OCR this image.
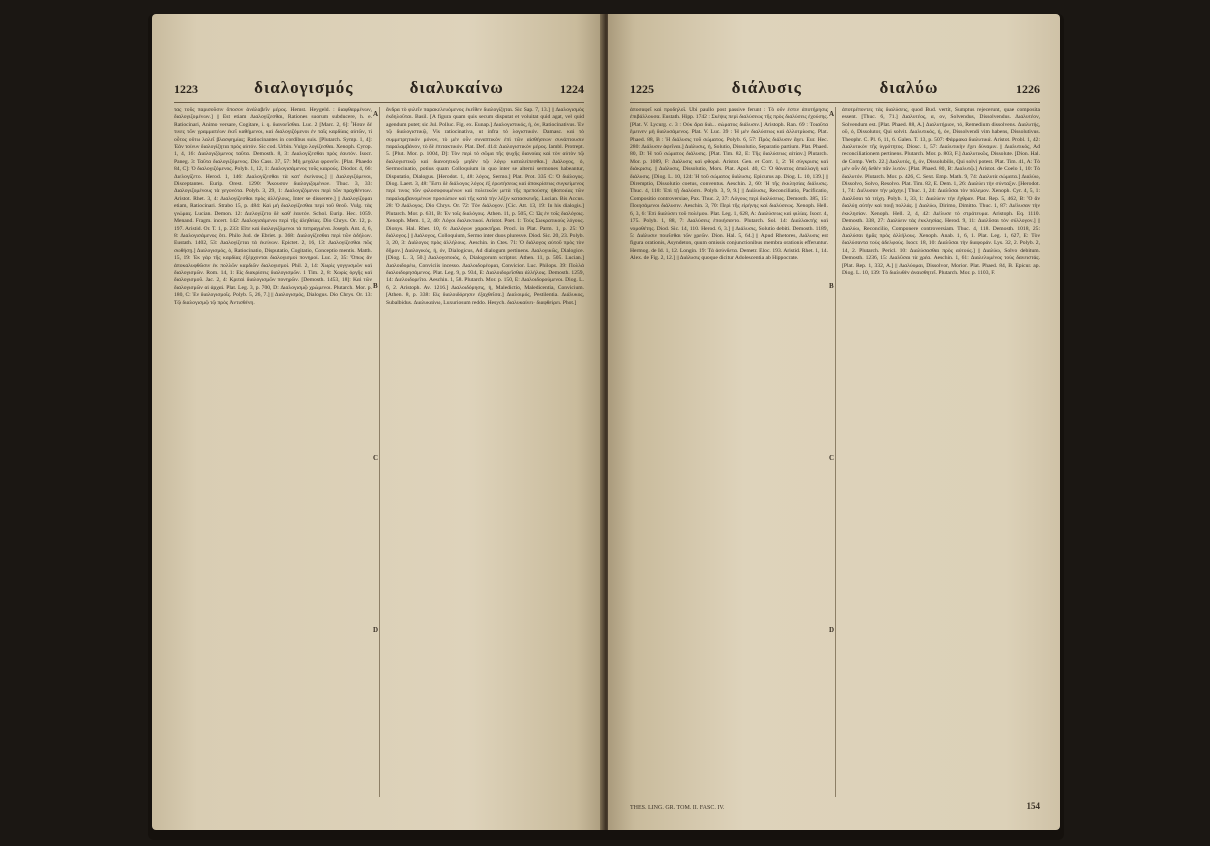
1223	διαλογισμός	διαλυκαίνω	1224
τας τοῦς παρισοῦσιν ὅποσον ἀνάλαβεῖν μέρος. Hemst. Heygeld. : διαφθαρμένων, διαλογιζομένων.] || Est etiam Διαλογίζεσθαι, Rationes suorum subducere, h. e. Ratiocinari, Animo versare, Cogitare, i. q. διανοεῖσθαι. Luc. 2 [Marc. 2, 6]: Ἦσαν δέ τινες τῶν γραμματέων ἐκεῖ καθήμενοι, καὶ διαλογιζόμενοι ἐν ταῖς καρδίαις αὐτῶν, τί οὗτος οὕτω λαλεῖ βλασφημίας; Ratiocinantes in cordibus suis. [Plutarch. Symp. 1, 4]: Ἐὰν τοίνυν διαλογίζηται πρὸς αὑτόν. Sic cod. Urbin. Vulgo λογίζεσθαι. Xenoph. Cyrop. 1, 4, 16: Διαλογιζόμενος ταῦτα. Demosth. 8, 3: Διαλογίζεσθαι πρὸς ἑαυτόν. Isocr. Paneg. 3: Ταῦτα διαλογιζόμενος. Dio Cass. 37, 57: Μὴ μεγάλα φρονεῖν. [Plat. Phaedo 84, C]: Ὁ διαλογιζόμενος. Polyb. 1, 12, 1: Διαλογισάμενος τοῦς καιρούς. Diodor. 4, 66: Διελογίζετο. Herod. 1, 146: Διαλογίζεσθαι τὰ κατ' ἐκείνους.] || Διαλογιζόμενοι, Disceptantes. Eurip. Orest. 1290: Ἄκουσον διαλογιζομένων. Thuc. 3, 33: Διαλογιζομένους τὰ γεγονότα. Polyb. 3, 29, 1: Διαλογιζόμενοι περὶ τῶν πραχθέντων. Aristot. Rhet. 3, 4: Διαλογίζεσθαι πρὸς ἀλλήλους, Inter se disserere.] || Διαλογίζομαι etiam, Ratiocinari. Strabo 15, p. 484: Καὶ μὴ διαλογίζεσθαι περὶ τοῦ θεοῦ. Vulg. τὰς γνώμας. Lucian. Demon. 12: Διελογίζετο δὲ καθ' ἑαυτόν. Schol. Eurip. Hec. 1059. Menand. Fragm. incert. 142: Διαλογισάμενοι περὶ τῆς ἀληθείας. Dio Chrys. Or. 12, p. 197. Aristid. Or. T. 1, p. 233: Εἴτε καὶ διαλογιζόμενοι τὰ πεπραγμένα. Joseph. Ant. 4, 6, 8: Διαλογισάμενος ὅτι. Philo Jud. de Ebriet. p. 368: Διαλογίζεσθαι περὶ τῶν ἀδήλων. Eustath. 1402, 53: Διαλογίζεται τὰ ἐκείνων. Epictet. 2, 16, 13: Διαλογίζεσθαι πῶς σωθήσῃ.] Διαλογισμός, ὁ, Ratiocinatio, Disputatio, Cogitatio, Conceptio mentis. Matth. 15, 19: Ἐκ γὰρ τῆς καρδίας ἐξέρχονται διαλογισμοὶ πονηροί. Luc. 2, 35: Ὅπως ἂν ἀποκαλυφθῶσιν ἐκ πολλῶν καρδιῶν διαλογισμοί. Phil. 2, 14: Χωρὶς γογγυσμῶν καὶ διαλογισμῶν. Rom. 14, 1: Εἰς διακρίσεις διαλογισμῶν. 1 Tim. 2, 8: Χωρὶς ὀργῆς καὶ διαλογισμοῦ. Jac. 2, 4: Κριταὶ διαλογισμῶν πονηρῶν. [Demosth. 1453, 18]: Καὶ τῶν διαλογισμῶν αἱ ἀρχαί. Plat. Leg. 3, p. 700, D: Διαλογισμῷ χρώμενοι. Plutarch. Mor. p. 180, C: Ἐν διαλογισμοῖς. Polyb. 5, 26, 7.] || Διαλογισμός, Dialogus. Dio Chrys. Or. 13: Τῷ διαλογισμῷ τῷ πρὸς Ἀντισθένη.
ἄνδρα τὸ φιλεῖν παρακελευόμενος ἐκεῖθεν διαλογίζηται. Sic Sap. 7, 13.] || Διαλογισμὸς ἐκδηλοῦται. Basil. [A figura quam quis secum disputat et voluitat quid agat, vel quid agendum putet; sic Jul. Polluc. Fig. ex. Eunap.] Διαλογιστικός, ή, όν, Ratiocinativus. Ἐν τῷ διαλογιστικῷ, Vis ratiocinativa, ut infra τὸ λογιστικόν. Damasc. καὶ τὸ συμμετρητικόν μόνον, τὸ μὲν οὖν συναπτικὸν ἐπὶ τῶν αἰσθήσεων συνάπτουσιν παραλαμβάνον, τὸ δὲ ἐπιτακτικόν. Plat. Def. 414: Διαλογιστικὸν μέρος. Iambl. Protrept. 5. [Plut. Mor. p. 1004, D]: Τὸν περὶ τὸ σῶμα τῆς ψυχῆς διανοίας καὶ τὸν αὐτὸν τῷ διαλογιστικῷ καὶ διανοητικῷ μηδὲν τῷ λόγῳ καταλείπεσθαι.] Διάλογος, ὁ, Sermocinatio, potius quam Colloquium in quo inter se alterni sermones habeantur, Disputatio, Dialogus. [Herodot. 1, 48: λόγος, Sermo.] Plat. Prot. 335 C: Ὁ διάλογος. Diog. Laert. 3, 48: Ἔστι δὲ διάλογος λόγος ἐξ ἐρωτήσεως καὶ ἀποκρίσεως συγκείμενος περί τινος τῶν φιλοσοφουμένων καὶ πολιτικῶν μετὰ τῆς πρεπούσης ἠθοποιίας τῶν παραλαμβανομένων προσώπων καὶ τῆς κατὰ τὴν λέξιν κατασκευῆς. Lucian. Bis Accus. 28: Ὁ Διάλογος. Dio Chrys. Or. 72: Τὸν διάλογον. [Cic. Att. 13, 19: In his dialogis.] Plutarch. Mor. p. 631, B: Ἐν τοῖς διαλόγοις. Athen. 11, p. 505, C: Ὡς ἐν τοῖς διαλόγοις. Xenoph. Mem. 1, 2, 40: Λόγοι διαλεκτικοί. Aristot. Poet. 1: Τοὺς Σωκρατικοὺς λόγους. Dionys. Hal. Rhet. 10, 6: Διαλόγων χαρακτῆρα. Procl. in Plat. Parm. 1, p. 25: Ὁ διάλογος.] || Διάλογος, Colloquium, Sermo inter duos pluresve. Diod. Sic. 20, 23. Polyb. 3, 20, 3: Διάλογος πρὸς ἀλλήλους. Aeschin. in Ctes. 71: Ὁ διάλογος αὐτοῦ πρὸς τὸν δῆμον.] Διαλογικός, ή, όν, Dialogicus, Ad dialogum pertinens. Διαλογικῶς, Dialogice. [Diog. L. 3, 50.] Διαλογοποιός, ὁ, Dialogorum scriptor. Athen. 11, p. 505. Lucian.] Διαλοιδορέω, Conviciis incesso. Διαλοιδορέομαι, Convicior. Luc. Philops. 39: Πολλὰ διαλοιδορησάμενος. Plat. Leg. 9, p. 934, E: Διαλοιδορεῖσθαι ἀλλήλοις. Demosth. 1259, 14: Διελοιδορεῖτο. Aeschin. 1, 58. Plutarch. Mor. p. 150, E: Διαλοιδορούμενοι. Diog. L. 6, 2. Aristoph. Av. 1216.] Διαλοιδόρησις, ἡ, Maledictio, Maledicentia, Convicium. [Athen. 8, p. 338: Εἰς διαλοιδόρησιν ἐξαχθεῖσα.] Διαλοιμός, Pestilentia. Διάλυκος, Subalbidus. Διαλυκαίνω, Luxuriosum reddo. Hesych. διαλυκαίνει· διαφθείρει. Phot.]
A
B
C
D
1225	διάλυσις	διαλύω	1226
ἀποσαφεῖ καὶ προδηλοῖ. Ubi paullo post passive ferunt : Τὸ οὖν ἐστιν ἀποτήρησις ἐπιβάλλουσα. Eustath. Hipp. 1742 : Σκέψις περὶ διαλύσεως τῆς πρὸς διαλύσεις ἐχούσης. [Plat. V. Lycurg. c. 3 : Οὐκ ἄρα διὰ... σώματος διάλυσιν.] Aristoph. Ran. 69 : Τοιαῦτα ἔμεινεν μὴ διαλυσάμενος. Plat. V. Luc. 39 : Ἡ μὲν διαλύσεως καὶ ἀλλοτρίωσις. Plat. Phaed. 88, B : Ἡ διάλυσις τοῦ σώματος. Polyb. 6, 57: Πρὸς διάλυσιν ἄγει. Eur. Hec. 280: Διάλυσιν ἀφεῖναι.] Διάλυσις, ἡ, Solutio, Dissolutio, Separatio partium. Plat. Phaed. 80, D: Ἡ τοῦ σώματος διάλυσις. [Plat. Tim. 82, E: Τῆς διαλύσεως αἰτίαν.] Plutarch. Mor. p. 1089, F: Διάλυσις καὶ φθορά. Aristot. Gen. et Corr. 1, 2: Ἡ σύγκρισις καὶ διάκρισις. || Διάλυσις, Dissolutio, Mors. Plat. Apol. 40, C: Ὁ θάνατος ἀπαλλαγὴ καὶ διάλυσις. [Diog. L. 10, 124: Ἡ τοῦ σώματος διάλυσις. Epicurus ap. Diog. L. 10, 139.] || Diremptio, Dissolutio coetus, conventus. Aeschin. 2, 60: Ἡ τῆς ἐκκλησίας διάλυσις. Thuc. 4, 118: Ἐπὶ τῇ διαλύσει. Polyb. 3, 9, 9.] || Διάλυσις, Reconciliatio, Pacificatio, Compositio controversiae, Pax. Thuc. 2, 37: Λόγους περὶ διαλύσεως. Demosth. 385, 15: Ποιησάμενοι διάλυσιν. Aeschin. 3, 70: Περὶ τῆς εἰρήνης καὶ διαλύσεως. Xenoph. Hell. 6, 3, 6: Ἐπὶ διαλύσει τοῦ πολέμου. Plat. Leg. 1, 628, A: Διαλύσεως καὶ φιλίας. Isocr. 4, 175. Polyb. 1, 88, 7: Διαλύσεις ἐποιήσαντο. Plutarch. Sol. 14: Διαλλακτὴς καὶ νομοθέτης. Diod. Sic. 14, 110. Herod. 6, 3.] || Διάλυσις, Solutio debiti. Demosth. 1189, 5: Διάλυσιν ποιεῖσθαι τῶν χρεῶν. Dion. Hal. 5, 64.] || Apud Rhetores, Διάλυσις est figura orationis, Asyndeton, quum omissis conjunctionibus membra orationis efferuntur. Hermog. de Id. 1, 12. Longin. 19: Τὰ ἀσύνδετα. Demetr. Eloc. 193. Aristid. Rhet. 1, 14. Alex. de Fig. 2, 12.] || Διάλυσις quoque dicitur Adolescentia ab Hippocrate.
ἀποτρέποντες τὰς διαλύσεις, quod Bud. vertit, Sumptus rejecerunt, quae composita essent. [Thuc. 6, 71.] Διαλυτέος, α, ον, Solvendus, Dissolvendus. Διαλυτέον, Solvendum est. [Plat. Phaed. 88, A.] Διαλυτήριον, τό, Remedium dissolvens. Διαλυτής, οῦ, ὁ, Dissolutor, Qui solvit. Διαλυτικός, ή, όν, Dissolvendi vim habens, Dissolutivus. Theophr. C. Pl. 6, 11, 6. Galen. T. 13, p. 507: Φάρμακα διαλυτικά. Aristot. Probl. 1, 42: Διαλυτικὸν τῆς ὑγρότητος. Diosc. 1, 57: Διαλυτικὴν ἔχει δύναμιν. || Διαλυτικός, Ad reconciliationem pertinens. Plutarch. Mor. p. 803, F.] Διαλυτικῶς, Dissolute. [Dion. Hal. de Comp. Verb. 22.] Διαλυτός, ή, όν, Dissolubilis, Qui solvi potest. Plat. Tim. 41, A: Τὸ μὲν οὖν δὴ δεθὲν πᾶν λυτόν. [Plat. Phaed. 80, B: Διαλυτῷ.] Aristot. de Coelo 1, 10: Τὸ διαλυτόν. Plutarch. Mor. p. 426, C. Sext. Emp. Math. 9, 74: Διαλυτὰ σώματα.] Διαλύω, Dissolvo, Solvo, Resolvo. Plat. Tim. 82, E. Dem. 1, 26: Διαλύει τὴν σύνταξιν. [Herodot. 1, 74: Διέλυσαν τὴν μάχην.] Thuc. 1, 24: Διαλῦσαι τὸν πόλεμον. Xenoph. Cyr. 4, 5, 1: Διαλῦσαι τὰ τείχη. Polyb. 1, 33, 1: Διαλύειν τὴν ἔχθραν. Plat. Rep. 5, 462, B: Ὃ ἂν διαλύῃ αὐτὴν καὶ ποιῇ πολλάς. || Διαλύω, Dirimo, Dimitto. Thuc. 1, 87: Διέλυσαν τὴν ἐκκλησίαν. Xenoph. Hell. 2, 4, 42: Διέλυσε τὸ στράτευμα. Aristoph. Eq. 1110. Demosth. 338, 27: Διαλύειν τὰς ἐκκλησίας. Herod. 9, 11: Διαλῦσαι τὸν σύλλογον.] || Διαλύω, Reconcilio, Componere controversiam. Thuc. 4, 118. Demosth. 1018, 25: Διαλύσαι ἡμᾶς πρὸς ἀλλήλους. Xenoph. Anab. 1, 6, 1. Plat. Leg. 1, 627, E: Τὸν διαλύσαντα τοὺς ἀδελφοὺς. Isocr. 18, 10: Διαλῦσαι τὴν διαφοράν. Lys. 32, 2. Polyb. 2, 14, 2. Plutarch. Pericl. 10: Διαλύσασθαι πρὸς αὐτούς.] || Διαλύω, Solvo debitum. Demosth. 1236, 15: Διαλῦσαι τὰ χρέα. Aeschin. 1, 61: Διαλελυμένος τοὺς δανειστάς. [Plat. Rep. 1, 332, A.] || Διαλύομαι, Dissolvor, Morior. Plat. Phaed. 84, B. Epicur. ap. Diog. L. 10, 139: Τὸ διαλυθὲν ἀναισθητεῖ. Plutarch. Mor. p. 1103, F.
A
B
C
D
THES. LING. GR. TOM. II. FASC. IV.	154
